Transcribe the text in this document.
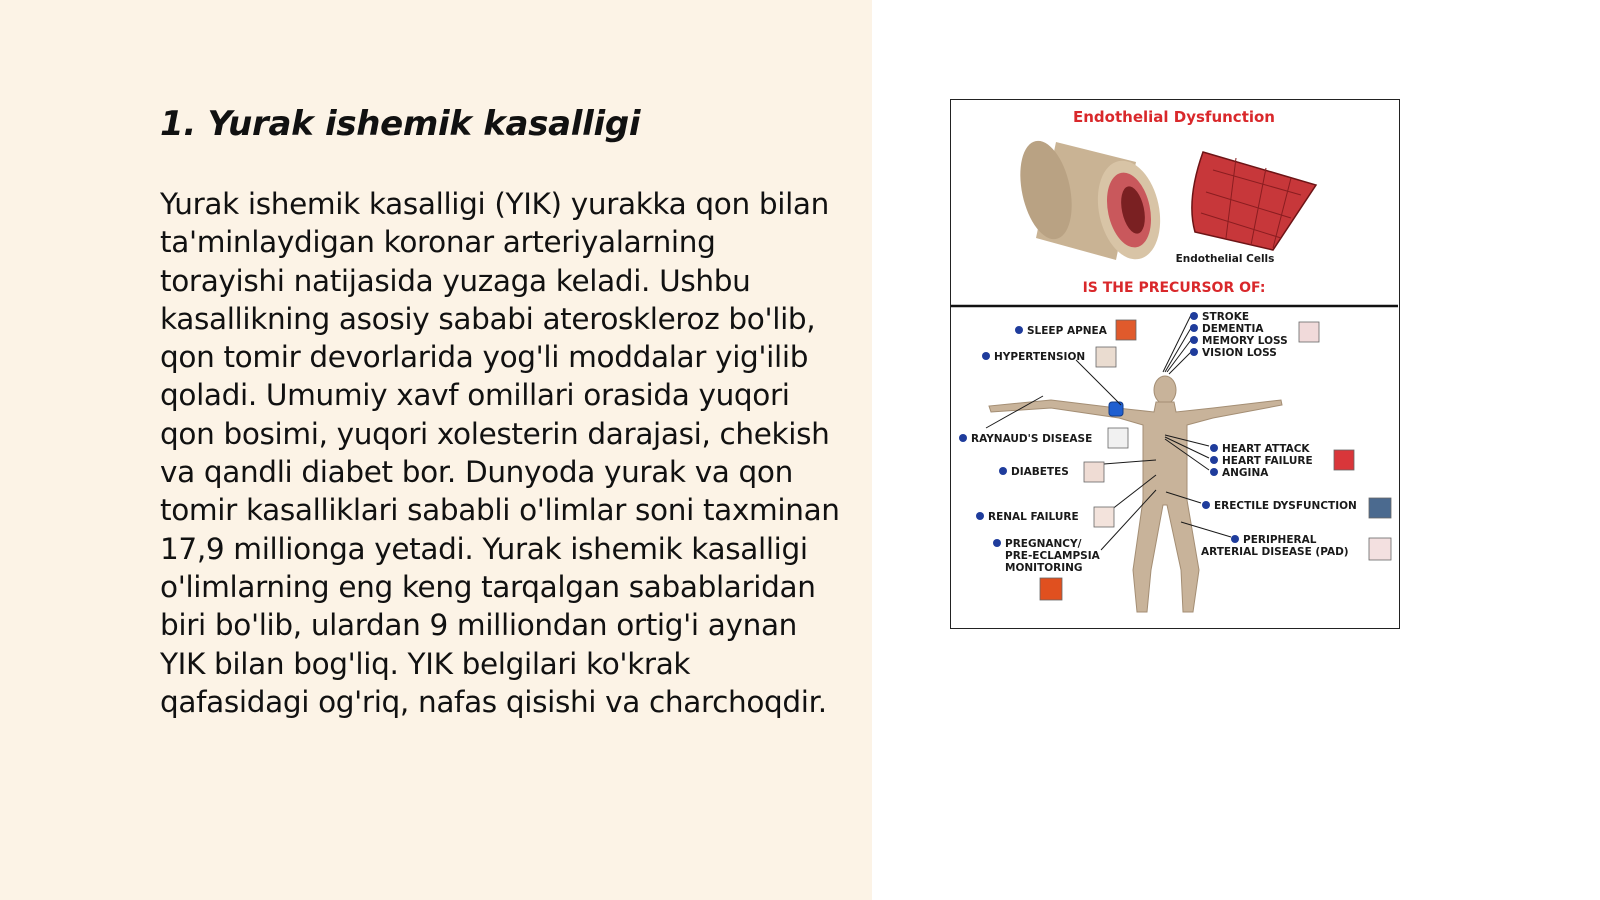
1. Yurak ishemik kasalligi

Yurak ishemik kasalligi (YIK) yurakka qon bilan ta'minlaydigan koronar arteriyalarning torayishi natijasida yuzaga keladi. Ushbu kasallikning asosiy sababi ateroskleroz bo'lib, qon tomir devorlarida yog'li moddalar yig'ilib qoladi. Umumiy xavf omillari orasida yuqori qon bosimi, yuqori xolesterin darajasi, chekish va qandli diabet bor. Dunyoda yurak va qon tomir kasalliklari sababli o'limlar soni taxminan 17,9 millionga yetadi. Yurak ishemik kasalligi o'limlarning eng keng tarqalgan sabablaridan biri bo'lib, ulardan 9 milliondan ortig'i aynan YIK bilan bog'liq. YIK belgilari ko'krak qafasidagi og'riq, nafas qisishi va charchoqdir.

Endothelial Dysfunction
Endothelial Cells
IS THE PRECURSOR OF:
SLEEP APNEA
HYPERTENSION
RAYNAUD'S DISEASE
DIABETES
RENAL FAILURE
PREGNANCY/
PRE-ECLAMPSIA
MONITORING
STROKE
DEMENTIA
MEMORY LOSS
VISION LOSS
HEART ATTACK
HEART FAILURE
ANGINA
ERECTILE DYSFUNCTION
PERIPHERAL
ARTERIAL DISEASE (PAD)
